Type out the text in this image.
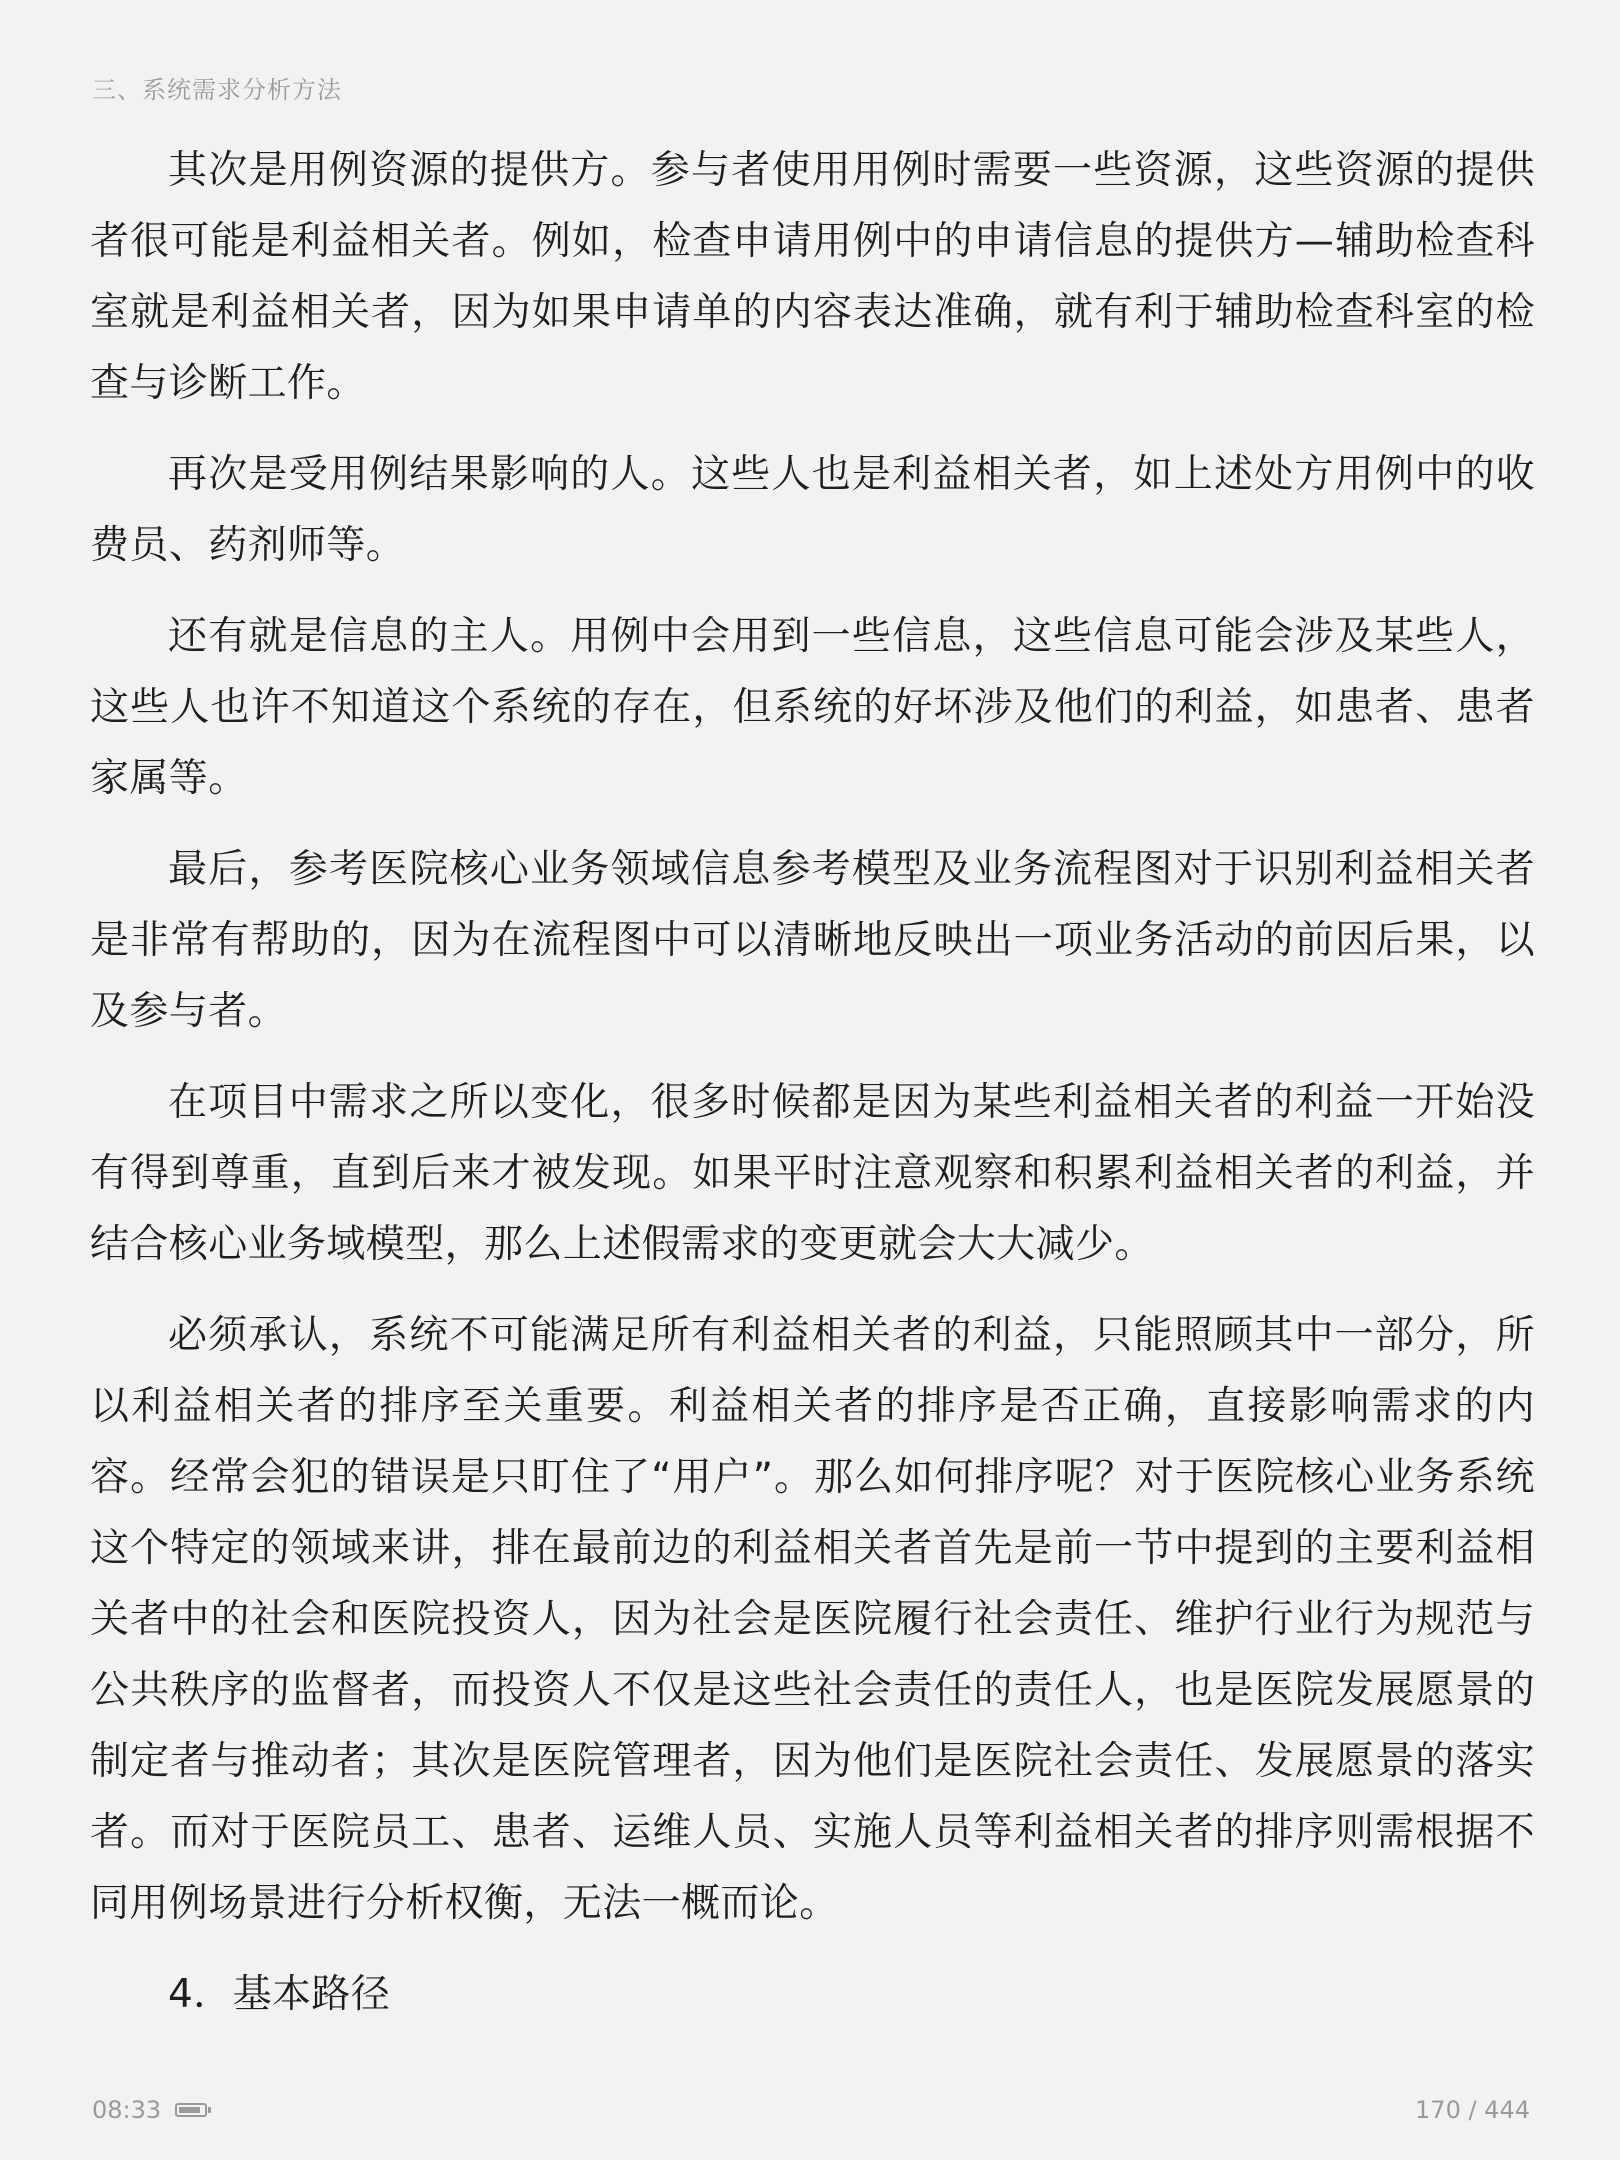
三、系统需求分析方法

其次是用例资源的提供方。参与者使用用例时需要一些资源，这些资源的提供者很可能是利益相关者。例如，检查申请用例中的申请信息的提供方—辅助检查科室就是利益相关者，因为如果申请单的内容表达准确，就有利于辅助检查科室的检查与诊断工作。

再次是受用例结果影响的人。这些人也是利益相关者，如上述处方用例中的收费员、药剂师等。

还有就是信息的主人。用例中会用到一些信息，这些信息可能会涉及某些人，这些人也许不知道这个系统的存在，但系统的好坏涉及他们的利益，如患者、患者家属等。

最后，参考医院核心业务领域信息参考模型及业务流程图对于识别利益相关者是非常有帮助的，因为在流程图中可以清晰地反映出一项业务活动的前因后果，以及参与者。

在项目中需求之所以变化，很多时候都是因为某些利益相关者的利益一开始没有得到尊重，直到后来才被发现。如果平时注意观察和积累利益相关者的利益，并结合核心业务域模型，那么上述假需求的变更就会大大减少。

必须承认，系统不可能满足所有利益相关者的利益，只能照顾其中一部分，所以利益相关者的排序至关重要。利益相关者的排序是否正确，直接影响需求的内容。经常会犯的错误是只盯住了“用户”。那么如何排序呢？对于医院核心业务系统这个特定的领域来讲，排在最前边的利益相关者首先是前一节中提到的主要利益相关者中的社会和医院投资人，因为社会是医院履行社会责任、维护行业行为规范与公共秩序的监督者，而投资人不仅是这些社会责任的责任人，也是医院发展愿景的制定者与推动者；其次是医院管理者，因为他们是医院社会责任、发展愿景的落实者。而对于医院员工、患者、运维人员、实施人员等利益相关者的排序则需根据不同用例场景进行分析权衡，无法一概而论。

4．基本路径

08:33	170 / 444
